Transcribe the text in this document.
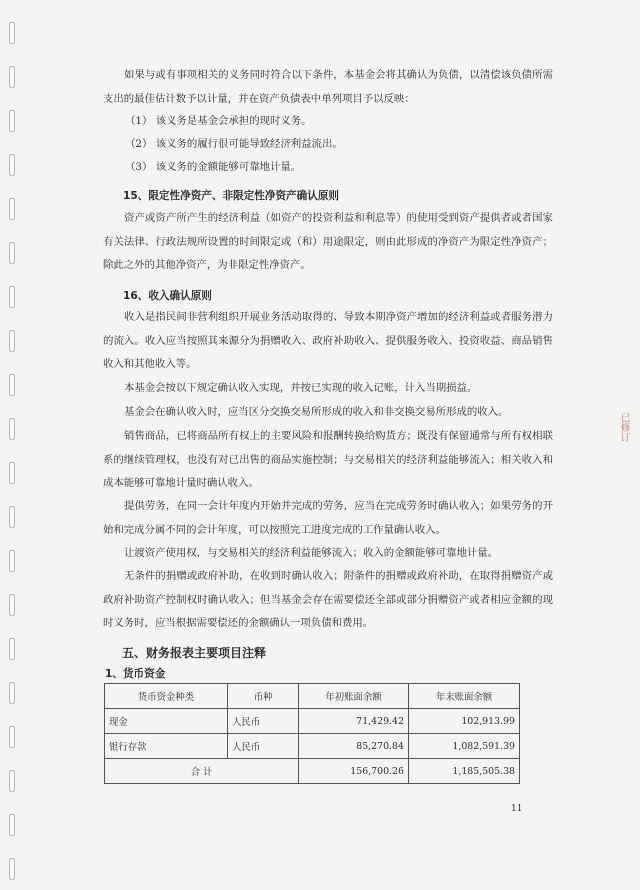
如果与或有事项相关的义务同时符合以下条件，本基金会将其确认为负债，以清偿该负债所需支出的最佳估计数予以计量，并在资产负债表中单列项目予以反映：

（1） 该义务是基金会承担的现时义务。

（2） 该义务的履行很可能导致经济利益流出。

（3） 该义务的金额能够可靠地计量。

15、限定性净资产、非限定性净资产确认原则

资产或资产所产生的经济利益（如资产的投资利益和利息等）的使用受到资产提供者或者国家有关法律、行政法规所设置的时间限定或（和）用途限定，则由此形成的净资产为限定性净资产；除此之外的其他净资产，为非限定性净资产。

16、收入确认原则

收入是指民间非营利组织开展业务活动取得的、导致本期净资产增加的经济利益或者服务潜力的流入。收入应当按照其来源分为捐赠收入、政府补助收入、提供服务收入、投资收益、商品销售收入和其他收入等。

本基金会按以下规定确认收入实现，并按已实现的收入记账，计入当期损益。

基金会在确认收入时，应当区分交换交易所形成的收入和非交换交易所形成的收入。

销售商品，已将商品所有权上的主要风险和报酬转换给购货方；既没有保留通常与所有权相联系的继续管理权，也没有对已出售的商品实施控制；与交易相关的经济利益能够流入；相关收入和成本能够可靠地计量时确认收入。

提供劳务，在同一会计年度内开始并完成的劳务，应当在完成劳务时确认收入；如果劳务的开始和完成分属不同的会计年度，可以按照完工进度完成的工作量确认收入。

让渡资产使用权，与交易相关的经济利益能够流入；收入的金额能够可靠地计量。

无条件的捐赠或政府补助，在收到时确认收入；附条件的捐赠或政府补助，在取得捐赠资产或政府补助资产控制权时确认收入；但当基金会存在需要偿还全部或部分捐赠资产或者相应金额的现时义务时，应当根据需要偿还的金额确认一项负债和费用。

五、财务报表主要项目注释
1、货币资金
货币资金种类	币种	年初账面余额	年末账面余额
现金	人民币	71,429.42	102,913.99
银行存款	人民币	85,270.84	1,082,591.39
合 计		156,700.26	1,185,505.38
11
已修订
